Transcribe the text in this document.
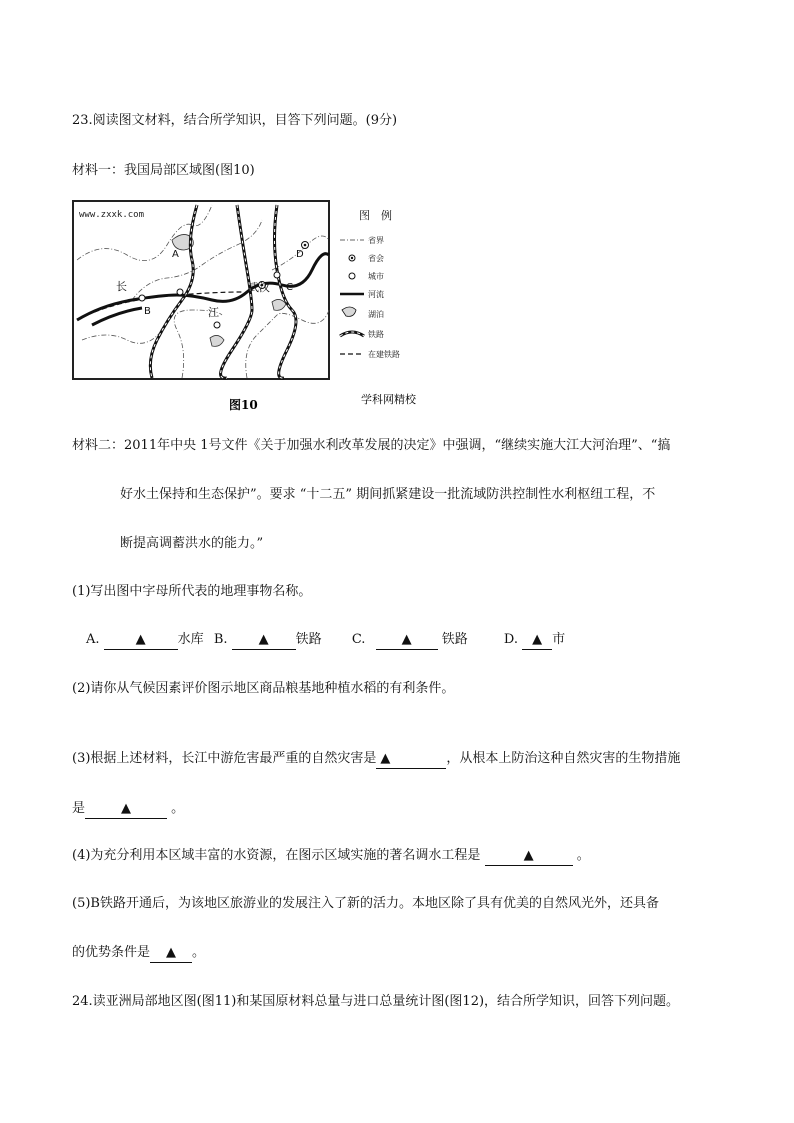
23.阅读图文材料，结合所学知识，目答下列问题。(9分)
材料一：我国局部区域图(图10)
www.zxxk.com
A
B
C
D
武汉
长
江
图10	学科网精校
图　例
省界
省会
城市
河流
湖泊
铁路
在建铁路
材料二：2011年中央 1号文件《关于加强水利改革发展的决定》中强调，“继续实施大江大河治理”、“搞
好水土保持和生态保护”。要求 “十二五” 期间抓紧建设一批流域防洪控制性水利枢纽工程，不
断提高调蓄洪水的能力。”
(1)写出图中字母所代表的地理事物名称。
A.	▲ 水库 B. ▲ 铁路 C.	▲ 铁路	D. ▲ 市
(2)请你从气候因素评价图示地区商品粮基地种植水稻的有利条件。
(3)根据上述材料，长江中游危害最严重的自然灾害是 ▲	，从根本上防治这种自然灾害的生物措施
是	▲	。
(4)为充分利用本区域丰富的水资源，在图示区域实施的著名调水工程是	▲	。
(5)B铁路开通后，为该地区旅游业的发展注入了新的活力。本地区除了具有优美的自然风光外，还具备
的优势条件是 ▲ 。
24.读亚洲局部地区图(图11)和某国原材料总量与进口总量统计图(图12)，结合所学知识，回答下列问题。
